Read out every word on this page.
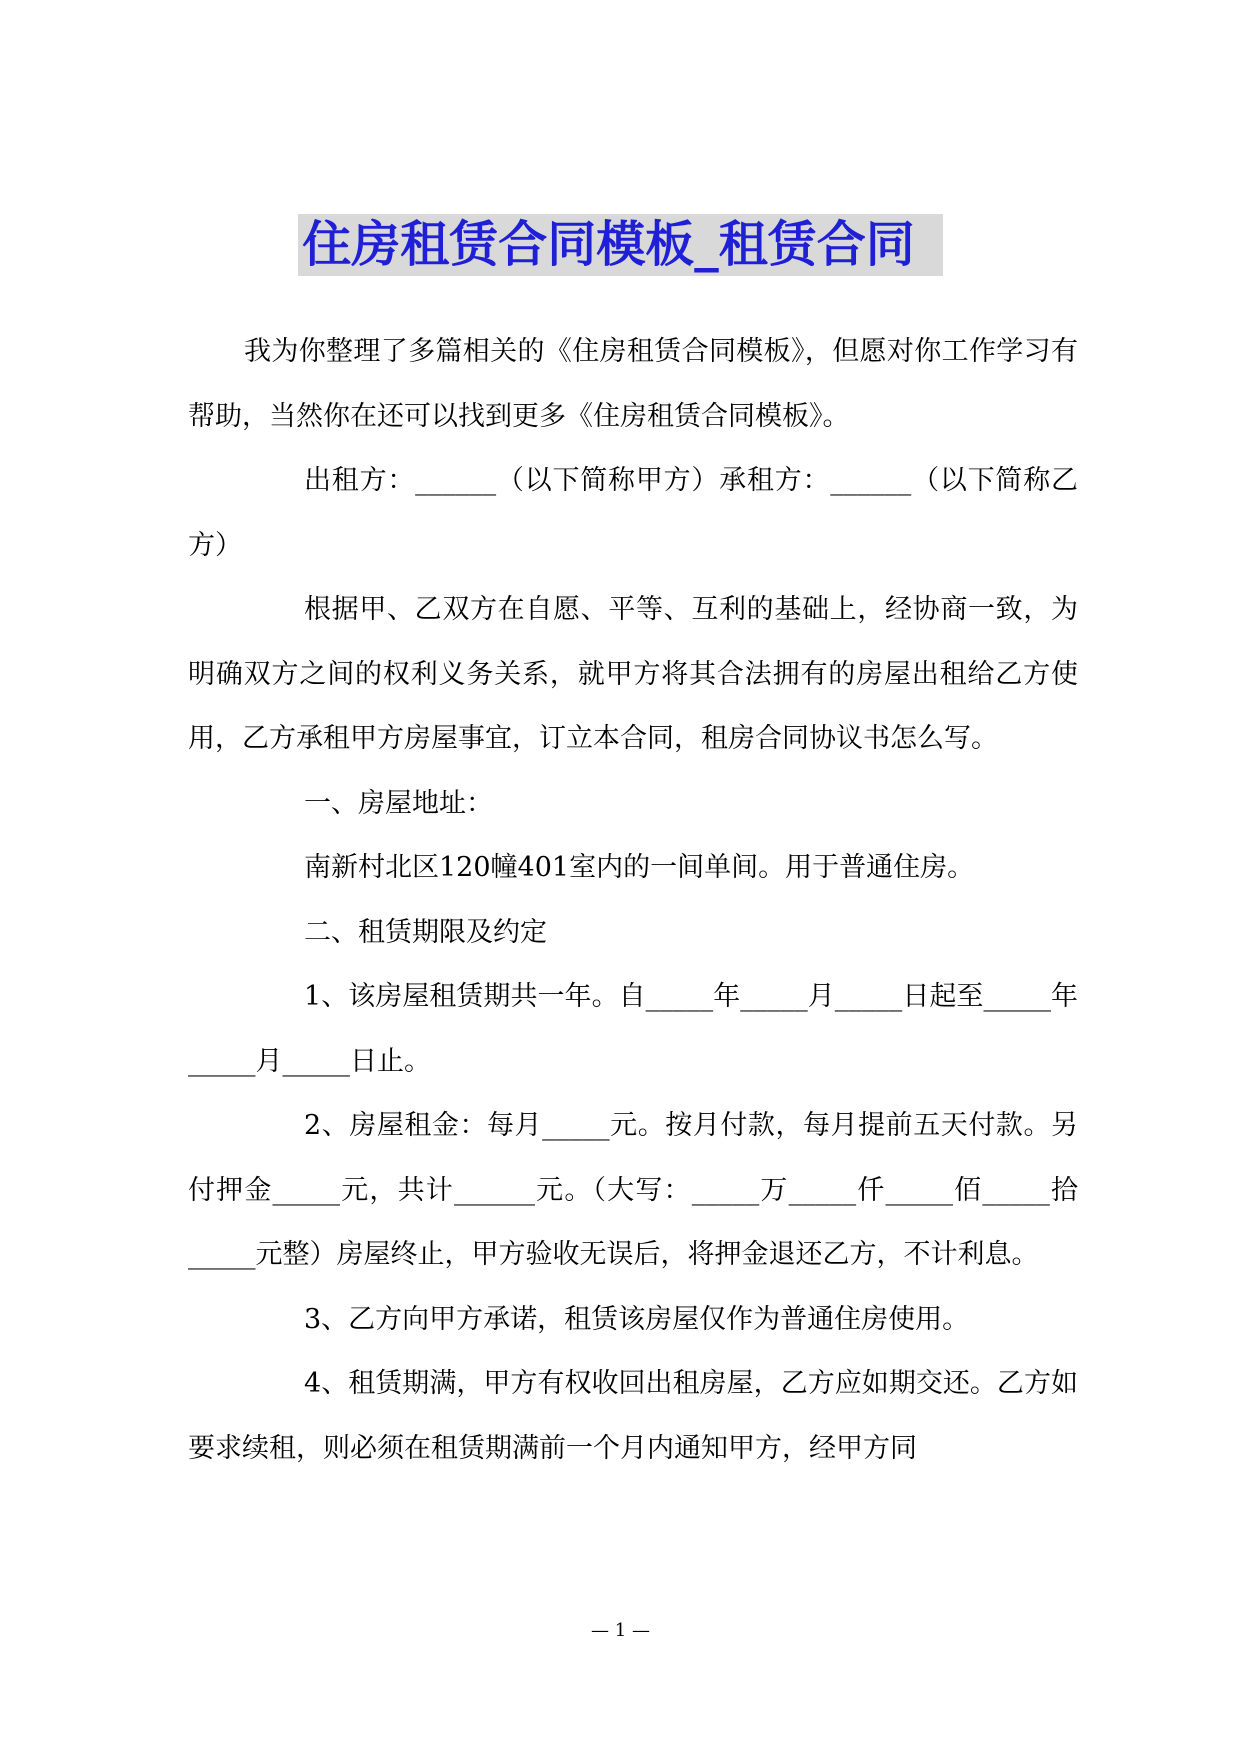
住房租赁合同模板_租赁合同

我为你整理了多篇相关的《住房租赁合同模板》，但愿对你工作学习有帮助，当然你在还可以找到更多《住房租赁合同模板》。

出租方：______（以下简称甲方）承租方：______（以下简称乙方）

根据甲、乙双方在自愿、平等、互利的基础上，经协商一致，为明确双方之间的权利义务关系，就甲方将其合法拥有的房屋出租给乙方使用，乙方承租甲方房屋事宜，订立本合同，租房合同协议书怎么写。

一、房屋地址：

南新村北区120幢401室内的一间单间。用于普通住房。

二、租赁期限及约定

1、该房屋租赁期共一年。自_____年_____月_____日起至_____年_____月_____日止。

2、房屋租金：每月_____元。按月付款，每月提前五天付款。另付押金_____元，共计______元。（大写：_____万_____仟_____佰_____拾_____元整）房屋终止，甲方验收无误后，将押金退还乙方，不计利息。

3、乙方向甲方承诺，租赁该房屋仅作为普通住房使用。

4、租赁期满，甲方有权收回出租房屋，乙方应如期交还。乙方如要求续租，则必须在租赁期满前一个月内通知甲方，经甲方同

— 1 —
